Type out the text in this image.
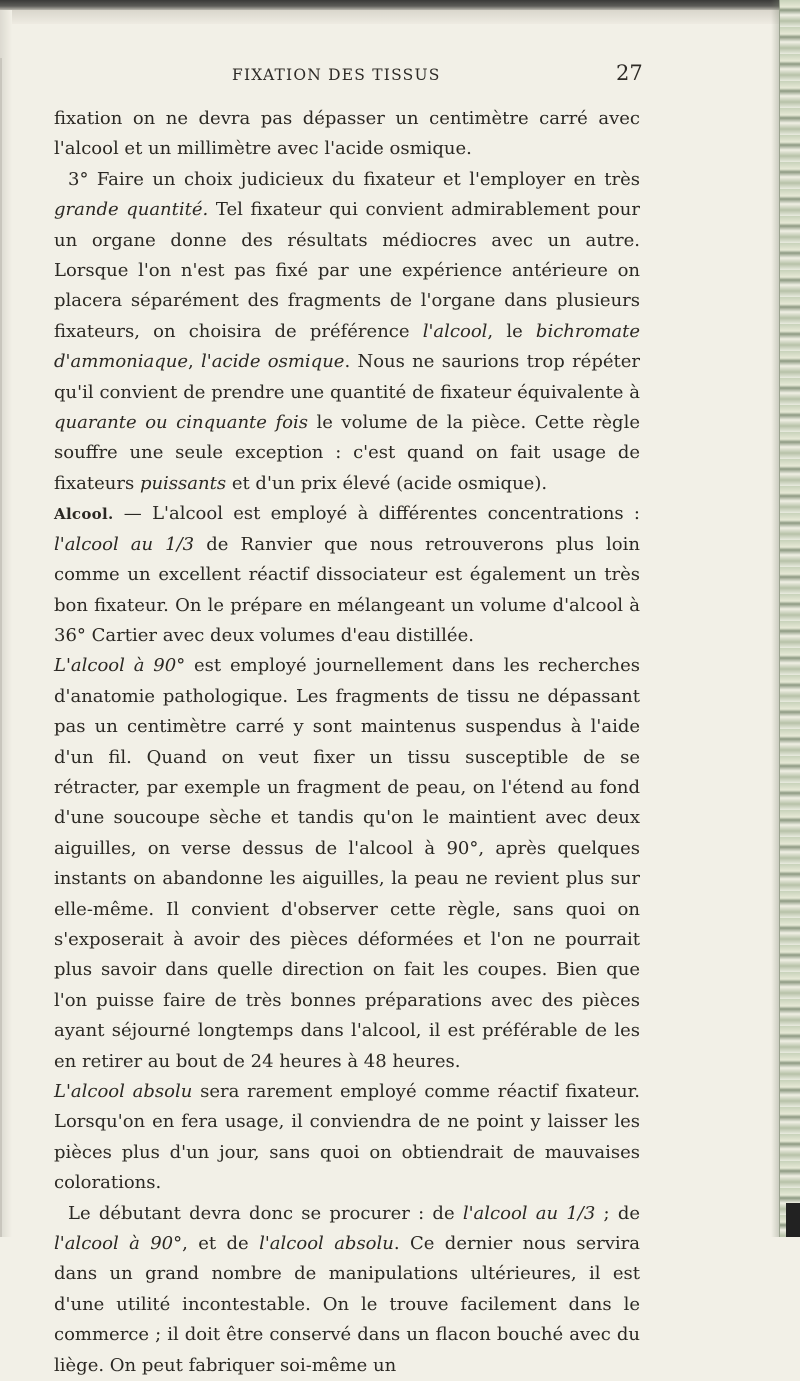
FIXATION DES TISSUS	27

fixation on ne devra pas dépasser un centimètre carré avec l'alcool et un millimètre avec l'acide osmique.

3° Faire un choix judicieux du fixateur et l'employer en très grande quantité. Tel fixateur qui convient admirablement pour un organe donne des résultats médiocres avec un autre. Lorsque l'on n'est pas fixé par une expérience antérieure on placera séparément des fragments de l'organe dans plusieurs fixateurs, on choisira de préférence l'alcool, le bichromate d'ammoniaque, l'acide osmique. Nous ne saurions trop répéter qu'il convient de prendre une quantité de fixateur équivalente à quarante ou cinquante fois le volume de la pièce. Cette règle souffre une seule exception : c'est quand on fait usage de fixateurs puissants et d'un prix élevé (acide osmique).

Alcool. — L'alcool est employé à différentes concentrations : l'alcool au 1/3 de Ranvier que nous retrouverons plus loin comme un excellent réactif dissociateur est également un très bon fixateur. On le prépare en mélangeant un volume d'alcool à 36° Cartier avec deux volumes d'eau distillée.

L'alcool à 90° est employé journellement dans les recherches d'anatomie pathologique. Les fragments de tissu ne dépassant pas un centimètre carré y sont maintenus suspendus à l'aide d'un fil. Quand on veut fixer un tissu susceptible de se rétracter, par exemple un fragment de peau, on l'étend au fond d'une soucoupe sèche et tandis qu'on le maintient avec deux aiguilles, on verse dessus de l'alcool à 90°, après quelques instants on abandonne les aiguilles, la peau ne revient plus sur elle-même. Il convient d'observer cette règle, sans quoi on s'exposerait à avoir des pièces déformées et l'on ne pourrait plus savoir dans quelle direction on fait les coupes. Bien que l'on puisse faire de très bonnes préparations avec des pièces ayant séjourné longtemps dans l'alcool, il est préférable de les en retirer au bout de 24 heures à 48 heures.

L'alcool absolu sera rarement employé comme réactif fixateur. Lorsqu'on en fera usage, il conviendra de ne point y laisser les pièces plus d'un jour, sans quoi on obtiendrait de mauvaises colorations.

Le débutant devra donc se procurer : de l'alcool au 1/3 ; de l'alcool à 90°, et de l'alcool absolu. Ce dernier nous servira dans un grand nombre de manipulations ultérieures, il est d'une utilité incontestable. On le trouve facilement dans le commerce ; il doit être conservé dans un flacon bouché avec du liège. On peut fabriquer soi-même un
